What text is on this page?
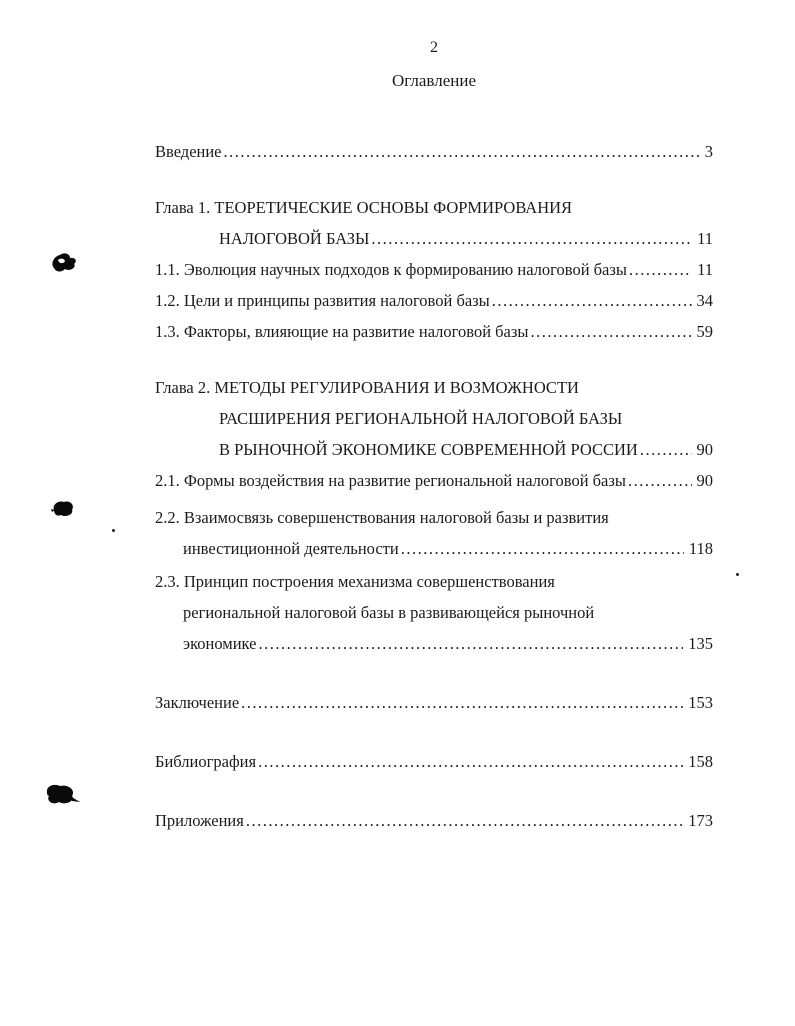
2
Оглавление
Введение .....	3
Глава 1. ТЕОРЕТИЧЕСКИЕ ОСНОВЫ ФОРМИРОВАНИЯ
НАЛОГОВОЙ БАЗЫ .....	11
1.1. Эволюция научных подходов к формированию налоговой базы .....	11
1.2. Цели и принципы развития налоговой базы .....	34
1.3. Факторы, влияющие на развитие налоговой базы .....	59
Глава 2. МЕТОДЫ РЕГУЛИРОВАНИЯ И ВОЗМОЖНОСТИ
РАСШИРЕНИЯ РЕГИОНАЛЬНОЙ НАЛОГОВОЙ БАЗЫ
В РЫНОЧНОЙ ЭКОНОМИКЕ СОВРЕМЕННОЙ РОССИИ .....	90
2.1. Формы воздействия на развитие региональной налоговой базы .....	90
2.2. Взаимосвязь совершенствования налоговой базы и развития
инвестиционной деятельности .....	118
2.3. Принцип построения механизма совершенствования
региональной налоговой базы в развивающейся рыночной
экономике .....	135
Заключение .....	153
Библиография .....	158
Приложения .....	173
